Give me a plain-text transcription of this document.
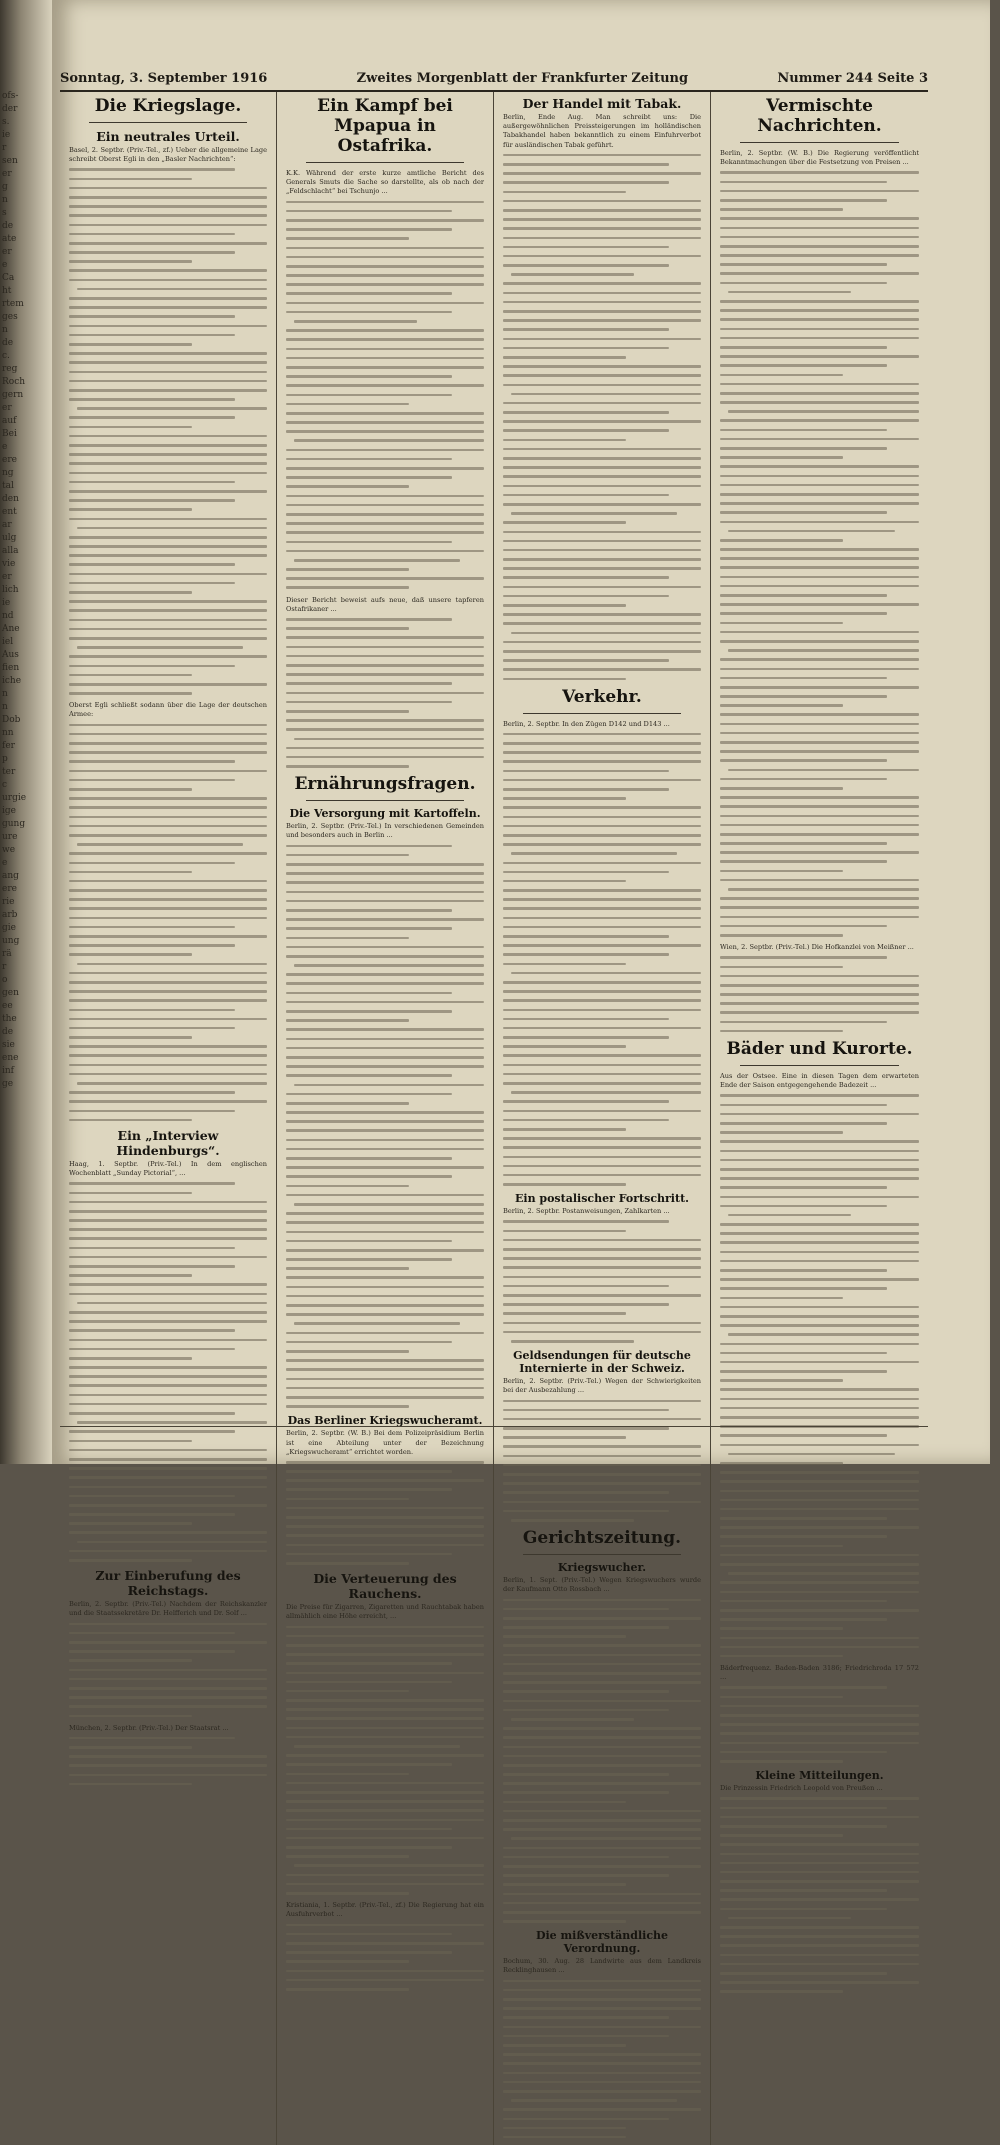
ofs-
der
s.
ie
r
sen
er
g
n
s
de
ate
er
e
Ca
ht
rtem
ges
n
de
c.
reg
Roch
gern
er
auf
Bei
e
ere
ng
tal
den
ent
ar
ulg
alla
vie
er
lich
ie
nd
Ane
iel
Aus
fien
iche
n
n
Dob
nn
fer
p
ter
c
urgie
ige
gung
ure
we
e
ang
ere
rie
arb
gie
ung
rä
r
o
gen
ee
the
de
sie
ene
inf
ge
Sonntag, 3. September 1916	Zweites Morgenblatt der Frankfurter Zeitung	Nummer 244 Seite 3
Die Kriegslage.
Ein neutrales Urteil.
Basel, 2. Septbr. (Priv.-Tel., zf.) Ueber die allgemeine Lage schreibt Oberst Egli in den „Basler Nachrichten“:
Oberst Egli schließt sodann über die Lage der deutschen Armee:
Ein „Interview Hindenburgs“.
Haag, 1. Septbr. (Priv.-Tel.) In dem englischen Wochenblatt „Sunday Pictorial“, ...
Zur Einberufung des Reichstags.
Berlin, 2. Septbr. (Priv.-Tel.) Nachdem der Reichskanzler und die Staatssekretäre Dr. Helfferich und Dr. Solf ...
München, 2. Septbr. (Priv.-Tel.) Der Staatsrat ...
Ein Kampf bei Mpapua in Ostafrika.
K.K. Während der erste kurze amtliche Bericht des Generals Smuts die Sache so darstellte, als ob nach der „Feldschlacht“ bei Tschunjo ...
Dieser Bericht beweist aufs neue, daß unsere tapferen Ostafrikaner ...
Ernährungsfragen.
Die Versorgung mit Kartoffeln.
Berlin, 2. Septbr. (Priv.-Tel.) In verschiedenen Gemeinden und besonders auch in Berlin ...
Das Berliner Kriegswucheramt.
Berlin, 2. Septbr. (W. B.) Bei dem Polizeipräsidium Berlin ist eine Abteilung unter der Bezeichnung „Kriegswucheramt“ errichtet worden.
Die Verteuerung des Rauchens.
Die Preise für Zigarren, Zigaretten und Rauchtabak haben allmählich eine Höhe erreicht, ...
Kristiania, 1. Septbr. (Priv.-Tel., zf.) Die Regierung hat ein Ausfuhrverbot ...
Der Handel mit Tabak.
Berlin, Ende Aug. Man schreibt uns: Die außergewöhnlichen Preissteigerungen im holländischen Tabakhandel haben bekanntlich zu einem Einfuhrverbot für ausländischen Tabak geführt.
Verkehr.
Berlin, 2. Septbr. In den Zügen D142 und D143 ...
Ein postalischer Fortschritt.
Berlin, 2. Septbr. Postanweisungen, Zahlkarten ...
Geldsendungen für deutsche Internierte in der Schweiz.
Berlin, 2. Septbr. (Priv.-Tel.) Wegen der Schwierigkeiten bei der Ausbezahlung ...
Gerichtszeitung.
Kriegswucher.
Berlin, 1. Sept. (Priv.-Tel.) Wegen Kriegswuchers wurde der Kaufmann Otto Rossbach ...
Die mißverständliche Verordnung.
Bochum, 30. Aug. 28 Landwirte aus dem Landkreis Recklinghausen ...
Vermischte Nachrichten.
Berlin, 2. Septbr. (W. B.) Die Regierung veröffentlicht Bekanntmachungen über die Festsetzung von Preisen ...
Wien, 2. Septbr. (Priv.-Tel.) Die Hofkanzlei von Meißner ...
Bäder und Kurorte.
Aus der Ostsee. Eine in diesen Tagen dem erwarteten Ende der Saison entgegengehende Badezeit ...
Bäderfrequenz. Baden-Baden 3186; Friedrichroda 17 572 ...
Kleine Mitteilungen.
Die Prinzessin Friedrich Leopold von Preußen ...
